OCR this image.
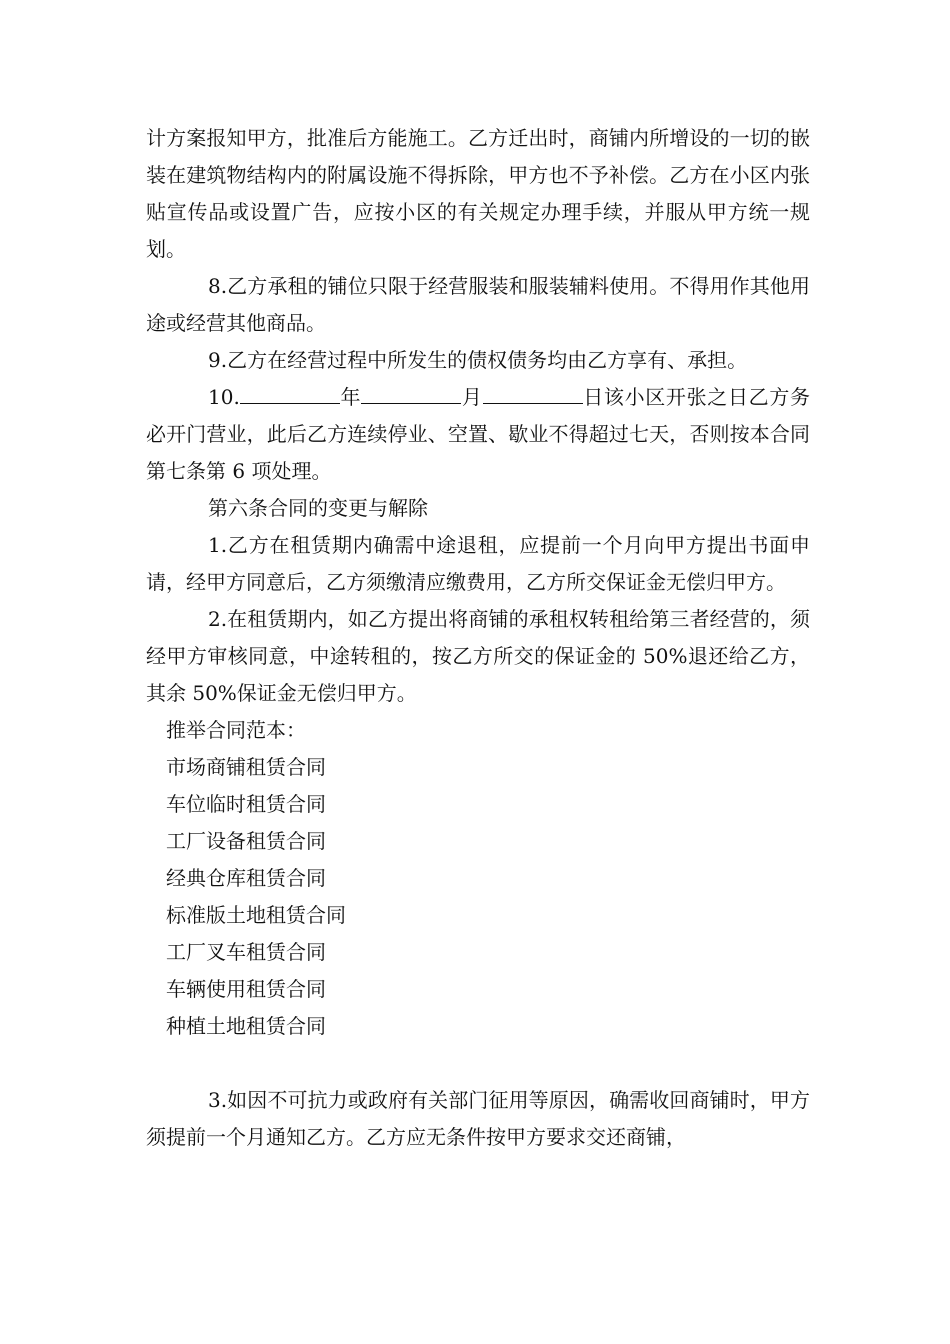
计方案报知甲方，批准后方能施工。乙方迁出时，商铺内所增设的一切的嵌装在建筑物结构内的附属设施不得拆除，甲方也不予补偿。乙方在小区内张贴宣传品或设置广告，应按小区的有关规定办理手续，并服从甲方统一规划。

8.乙方承租的铺位只限于经营服装和服装辅料使用。不得用作其他用途或经营其他商品。

9.乙方在经营过程中所发生的债权债务均由乙方享有、承担。

10.	年	月	日该小区开张之日乙方务必开门营业，此后乙方连续停业、空置、歇业不得超过七天，否则按本合同第七条第 6 项处理。

第六条合同的变更与解除

1.乙方在租赁期内确需中途退租，应提前一个月向甲方提出书面申请，经甲方同意后，乙方须缴清应缴费用，乙方所交保证金无偿归甲方。

2.在租赁期内，如乙方提出将商铺的承租权转租给第三者经营的，须经甲方审核同意，中途转租的，按乙方所交的保证金的 50%退还给乙方，其余 50%保证金无偿归甲方。

推举合同范本：

市场商铺租赁合同

车位临时租赁合同

工厂设备租赁合同

经典仓库租赁合同

标准版土地租赁合同

工厂叉车租赁合同

车辆使用租赁合同

种植土地租赁合同

3.如因不可抗力或政府有关部门征用等原因，确需收回商铺时，甲方须提前一个月通知乙方。乙方应无条件按甲方要求交还商铺，
